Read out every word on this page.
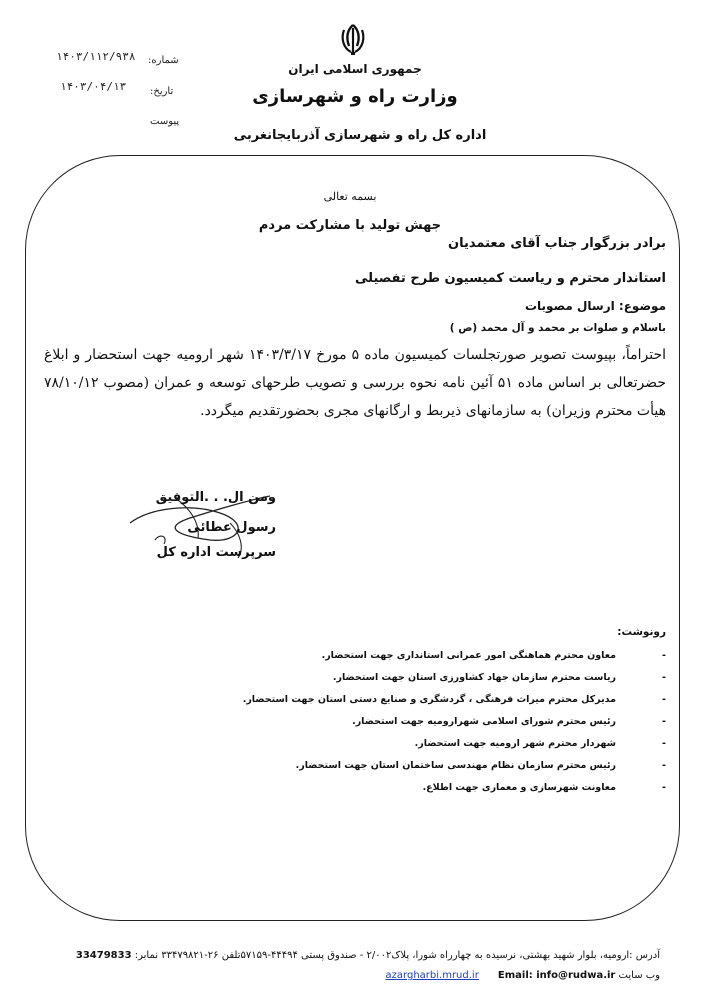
جمهوری اسلامی ایران
وزارت راه و شهرسازی
اداره کل راه و شهرسازی آذربایجانغربی
شماره:
۱۴۰۳/۱۱۲/۹۳۸
تاریخ:
۱۴۰۳/۰۴/۱۳
پیوست
بسمه تعالی
جهش تولید با مشارکت مردم
برادر بزرگوار جناب آقای معتمدیان
استاندار محترم و ریاست کمیسیون طرح تفصیلی
موضوع: ارسال مصوبات
باسلام و صلوات بر محمد و آل محمد (ص )
احتراماً، بپیوست تصویر صورتجلسات کمیسیون ماده ۵ مورخ ۱۴۰۳/۳/۱۷ شهر ارومیه جهت استحضار و ابلاغ حضرتعالی بر اساس ماده ۵۱ آئین نامه نحوه بررسی و تصویب طرحهای توسعه و عمران (مصوب ۷۸/۱۰/۱۲ هیأت محترم وزیران) به سازمانهای ذیربط و ارگانهای مجری بحضورتقدیم میگردد.
ومن ال. . .التوفیق
رسول عطائی
سرپرست اداره کل
رونوشت:
-
معاون محترم هماهنگی امور عمرانی استانداری جهت استحضار.
-
ریاست محترم سازمان جهاد کشاورزی استان جهت استحضار.
-
مدیرکل محترم میراث فرهنگی ، گردشگری و صنایع دستی استان جهت استحضار.
-
رئیس محترم شورای اسلامی شهرارومیه جهت استحضار.
-
شهردار محترم شهر ارومیه جهت استحضار.
-
رئیس محترم سازمان نظام مهندسی ساختمان استان جهت استحضار.
-
معاونت شهرسازی و معماری جهت اطلاع.
آدرس :ارومیه، بلوار شهید بهشتی، نرسیده به چهارراه شورا، پلاک۲/۰۰۲ - صندوق پستی ۴۴۴۹۴-۵۷۱۵۹تلفن ۲۶-۳۳۴۷۹۸۲۱ نمابر: 33479833
وب سایت azargharbi.mrud.ir Email: info@rudwa.ir
